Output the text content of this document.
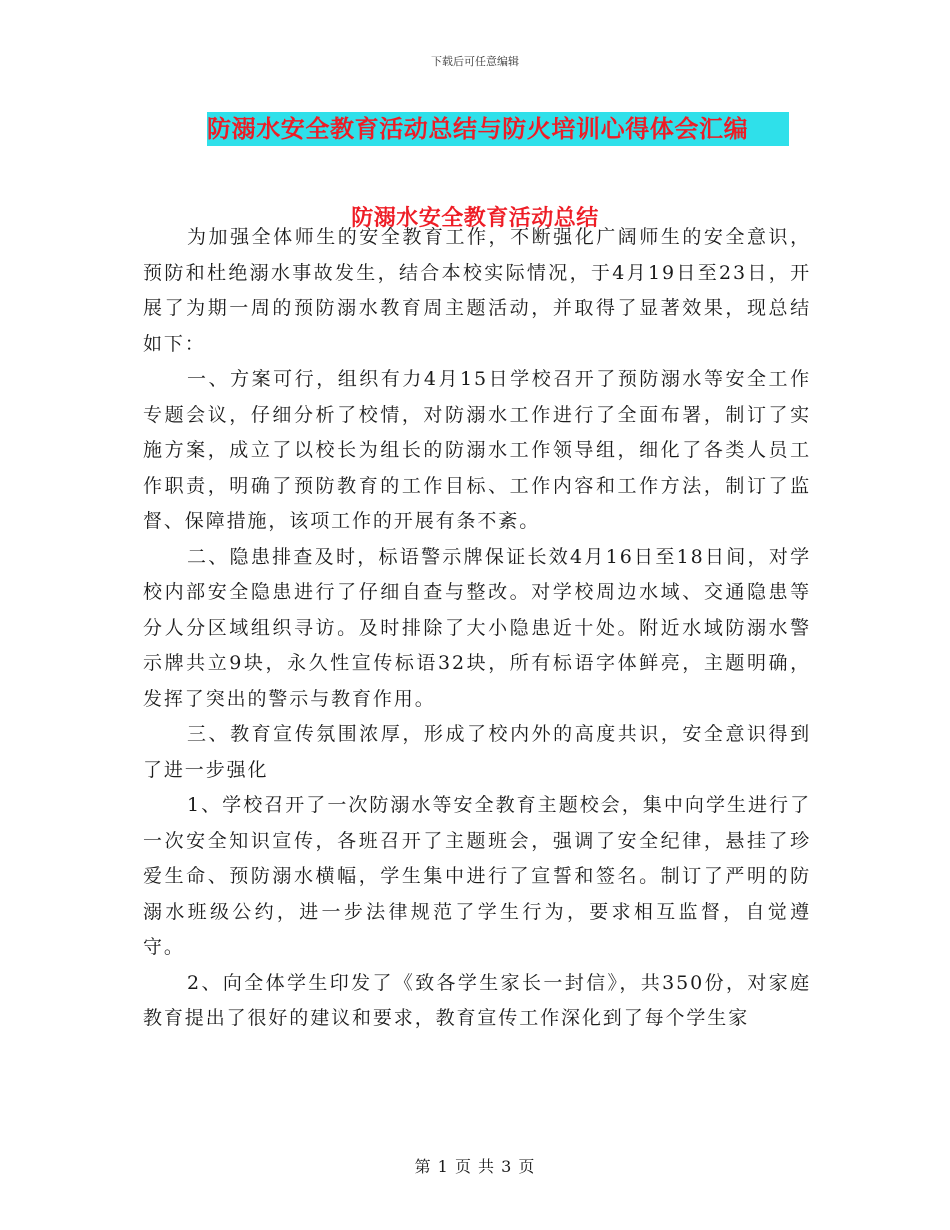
下载后可任意编辑
防溺水安全教育活动总结与防火培训心得体会汇编
防溺水安全教育活动总结

为加强全体师生的安全教育工作，不断强化广阔师生的安全意识，预防和杜绝溺水事故发生，结合本校实际情况，于4月19日至23日，开展了为期一周的预防溺水教育周主题活动，并取得了显著效果，现总结如下：

一、方案可行，组织有力4月15日学校召开了预防溺水等安全工作专题会议，仔细分析了校情，对防溺水工作进行了全面布署，制订了实施方案，成立了以校长为组长的防溺水工作领导组，细化了各类人员工作职责，明确了预防教育的工作目标、工作内容和工作方法，制订了监督、保障措施，该项工作的开展有条不紊。

二、隐患排查及时，标语警示牌保证长效4月16日至18日间，对学校内部安全隐患进行了仔细自查与整改。对学校周边水域、交通隐患等分人分区域组织寻访。及时排除了大小隐患近十处。附近水域防溺水警示牌共立9块，永久性宣传标语32块，所有标语字体鲜亮，主题明确，发挥了突出的警示与教育作用。

三、教育宣传氛围浓厚，形成了校内外的高度共识，安全意识得到了进一步强化

1、学校召开了一次防溺水等安全教育主题校会，集中向学生进行了一次安全知识宣传，各班召开了主题班会，强调了安全纪律，悬挂了珍爱生命、预防溺水横幅，学生集中进行了宣誓和签名。制订了严明的防溺水班级公约，进一步法律规范了学生行为，要求相互监督，自觉遵守。

2、向全体学生印发了《致各学生家长一封信》，共350份，对家庭教育提出了很好的建议和要求，教育宣传工作深化到了每个学生家

第 1 页 共 3 页
